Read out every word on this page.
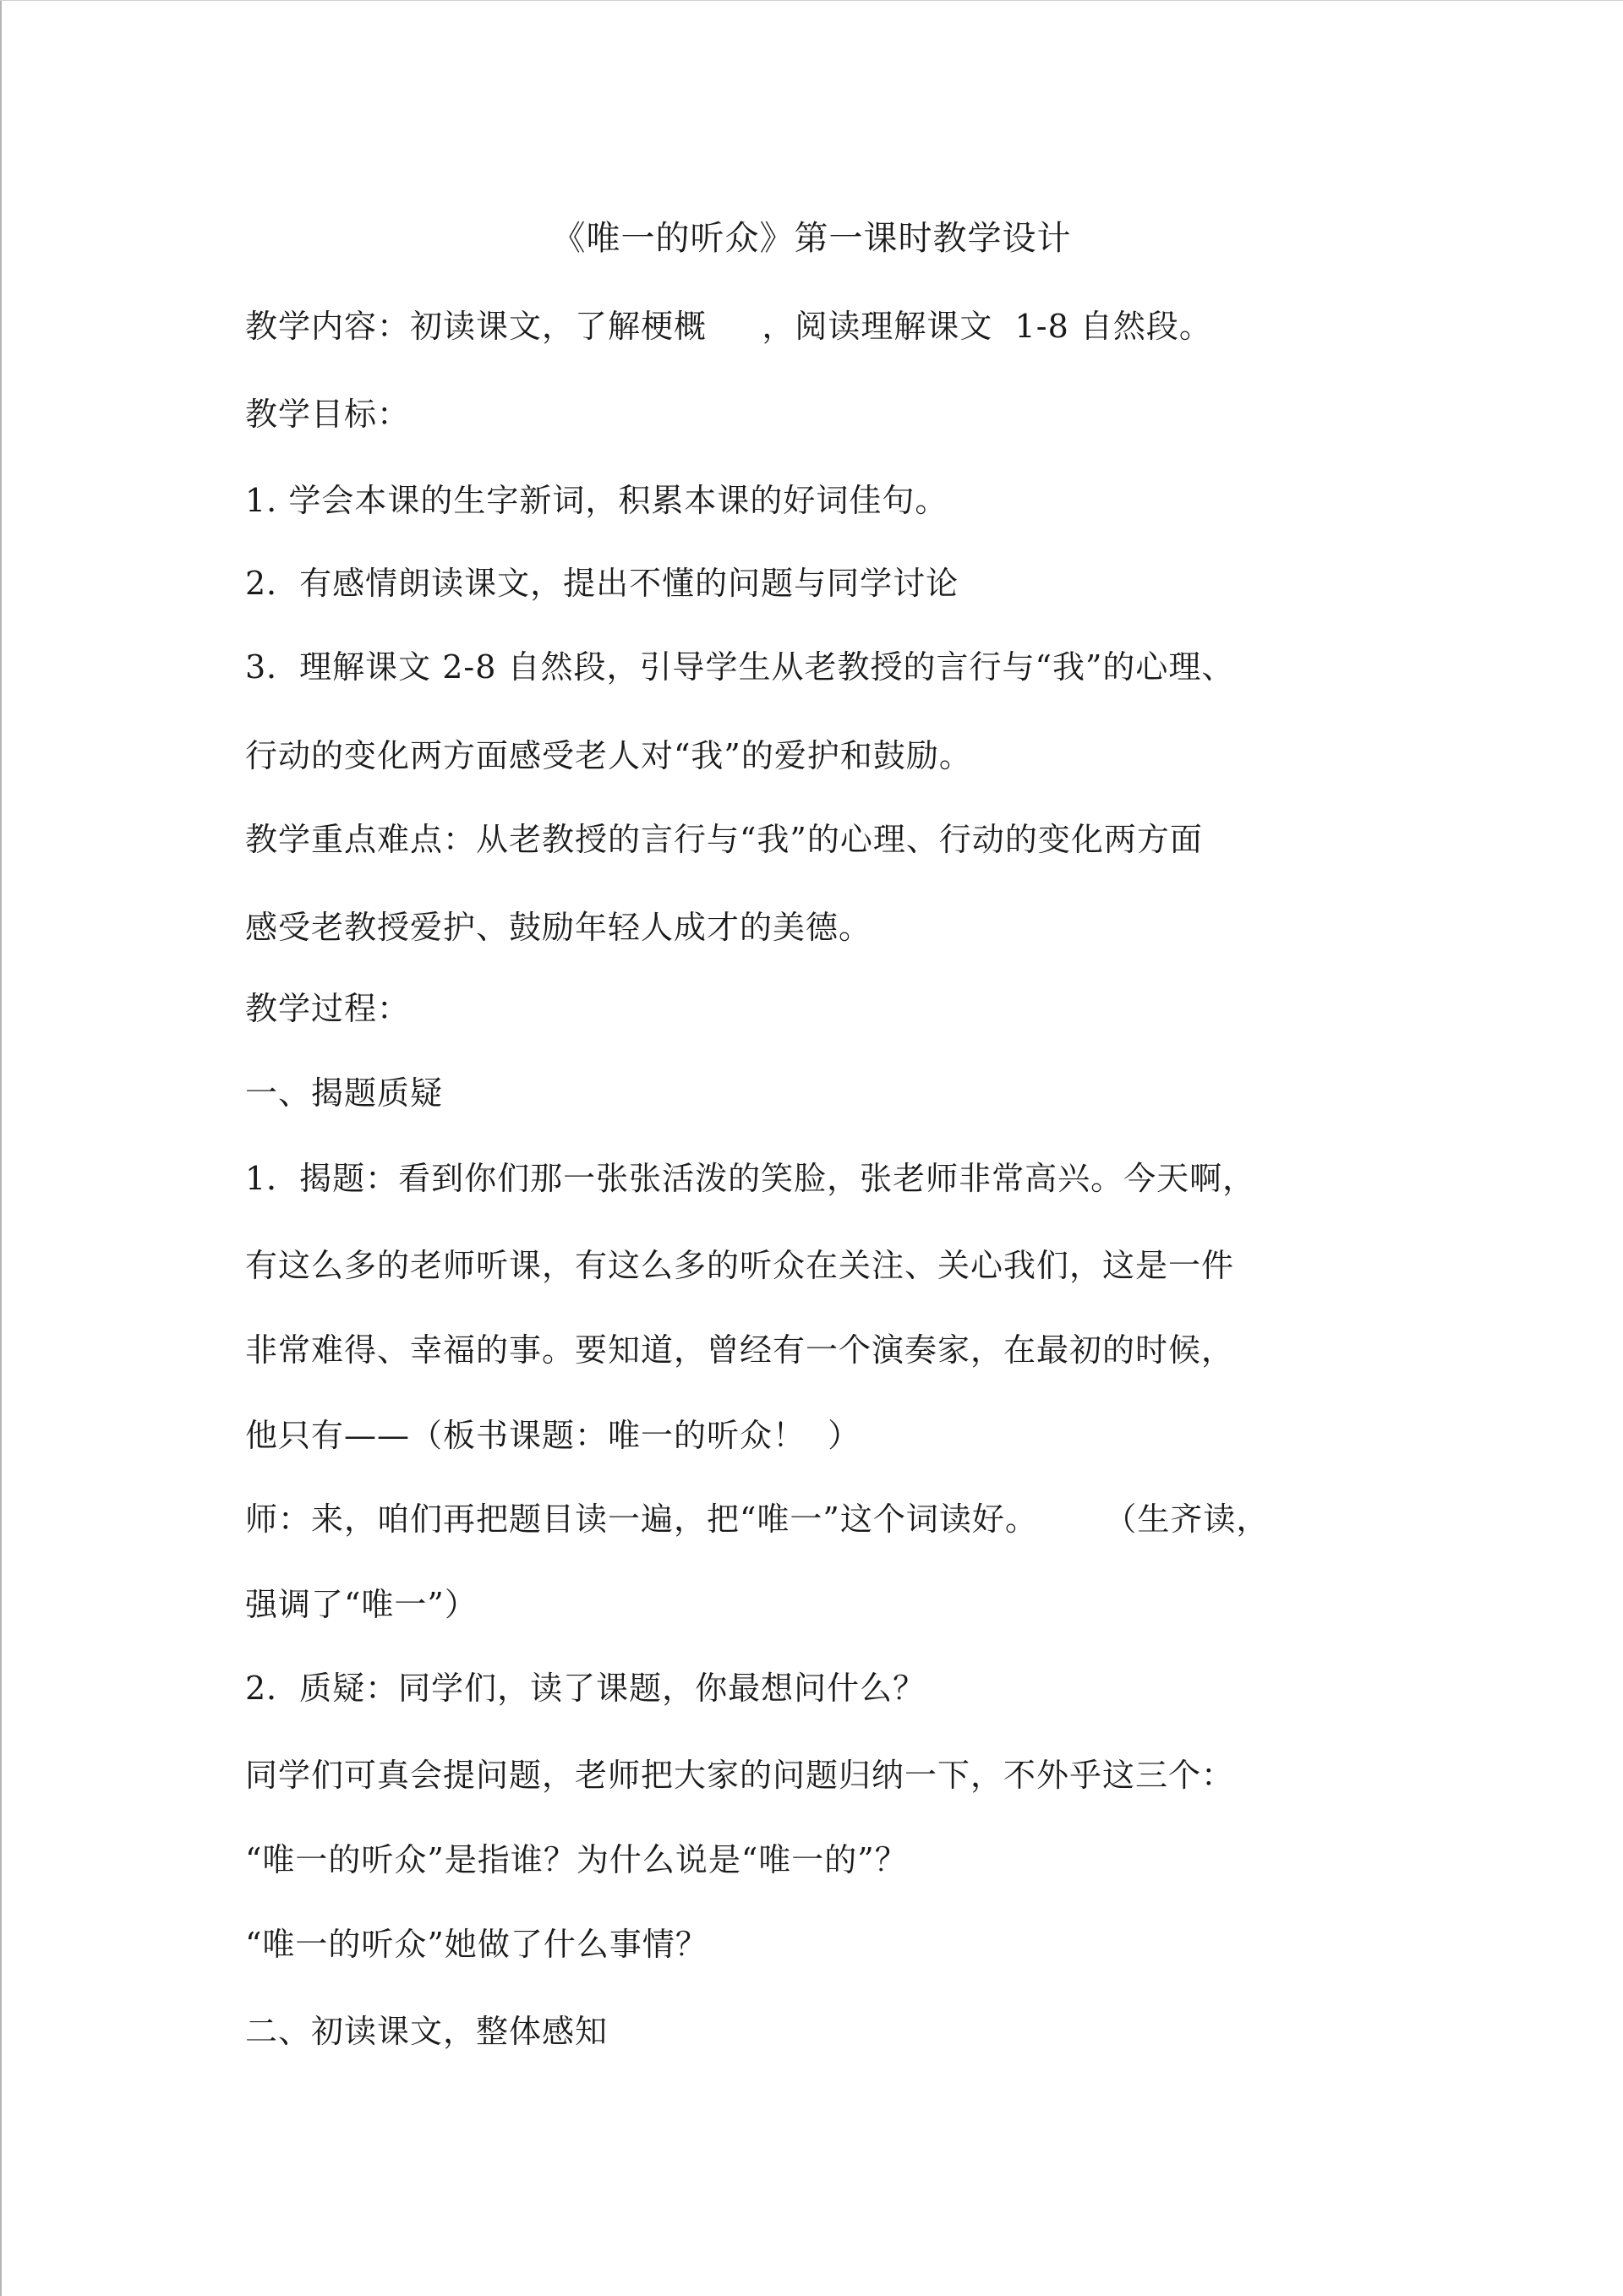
《唯一的听众》第一课时教学设计
教学内容：初读课文，了解梗概     ，阅读理解课文  1-8 自然段。
教学目标：
1. 学会本课的生字新词，积累本课的好词佳句。
2．有感情朗读课文，提出不懂的问题与同学讨论
3．理解课文 2-8 自然段，引导学生从老教授的言行与“我”的心理、
行动的变化两方面感受老人对“我”的爱护和鼓励。
教学重点难点：从老教授的言行与“我”的心理、行动的变化两方面
感受老教授爱护、鼓励年轻人成才的美德。
教学过程：
一、揭题质疑
1．揭题：看到你们那一张张活泼的笑脸，张老师非常高兴。今天啊，
有这么多的老师听课，有这么多的听众在关注、关心我们，这是一件
非常难得、幸福的事。要知道，曾经有一个演奏家，在最初的时候，
他只有——（板书课题：唯一的听众！  ）
师：来，咱们再把题目读一遍，把“唯一”这个词读好。      （生齐读，
强调了“唯一”）
2．质疑：同学们，读了课题，你最想问什么？
同学们可真会提问题，老师把大家的问题归纳一下，不外乎这三个：
“唯一的听众”是指谁？为什么说是“唯一的”？
“唯一的听众”她做了什么事情？
二、初读课文，整体感知
